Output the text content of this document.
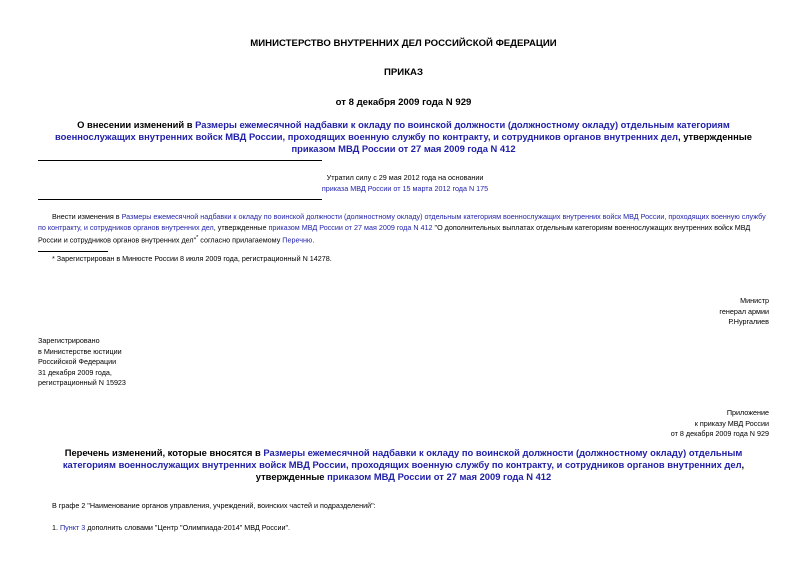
МИНИСТЕРСТВО ВНУТРЕННИХ ДЕЛ РОССИЙСКОЙ ФЕДЕРАЦИИ
ПРИКАЗ
от 8 декабря 2009 года N 929
О внесении изменений в Размеры ежемесячной надбавки к окладу по воинской должности (должностному окладу) отдельным категориям военнослужащих внутренних войск МВД России, проходящих военную службу по контракту, и сотрудников органов внутренних дел, утвержденные приказом МВД России от 27 мая 2009 года N 412
Утратил силу с 29 мая 2012 года на основании
приказа МВД России от 15 марта 2012 года N 175
Внести изменения в Размеры ежемесячной надбавки к окладу по воинской должности (должностному окладу) отдельным категориям военнослужащих внутренних войск МВД России, проходящих военную службу по контракту, и сотрудников органов внутренних дел, утвержденные приказом МВД России от 27 мая 2009 года N 412 "О дополнительных выплатах отдельным категориям военнослужащих внутренних войск МВД России и сотрудников органов внутренних дел"* согласно прилагаемому Перечню.
* Зарегистрирован в Минюсте России 8 июля 2009 года, регистрационный N 14278.
Министр
генерал армии
Р.Нургалиев
Зарегистрировано
в Министерстве юстиции
Российской Федерации
31 декабря 2009 года,
регистрационный N 15923
Приложение
к приказу МВД России
от 8 декабря 2009 года N 929
Перечень изменений, которые вносятся в Размеры ежемесячной надбавки к окладу по воинской должности (должностному окладу) отдельным категориям военнослужащих внутренних войск МВД России, проходящих военную службу по контракту, и сотрудников органов внутренних дел, утвержденные приказом МВД России от 27 мая 2009 года N 412
В графе 2 "Наименование органов управления, учреждений, воинских частей и подразделений":
1. Пункт 3 дополнить словами "Центр "Олимпиада-2014" МВД России".
